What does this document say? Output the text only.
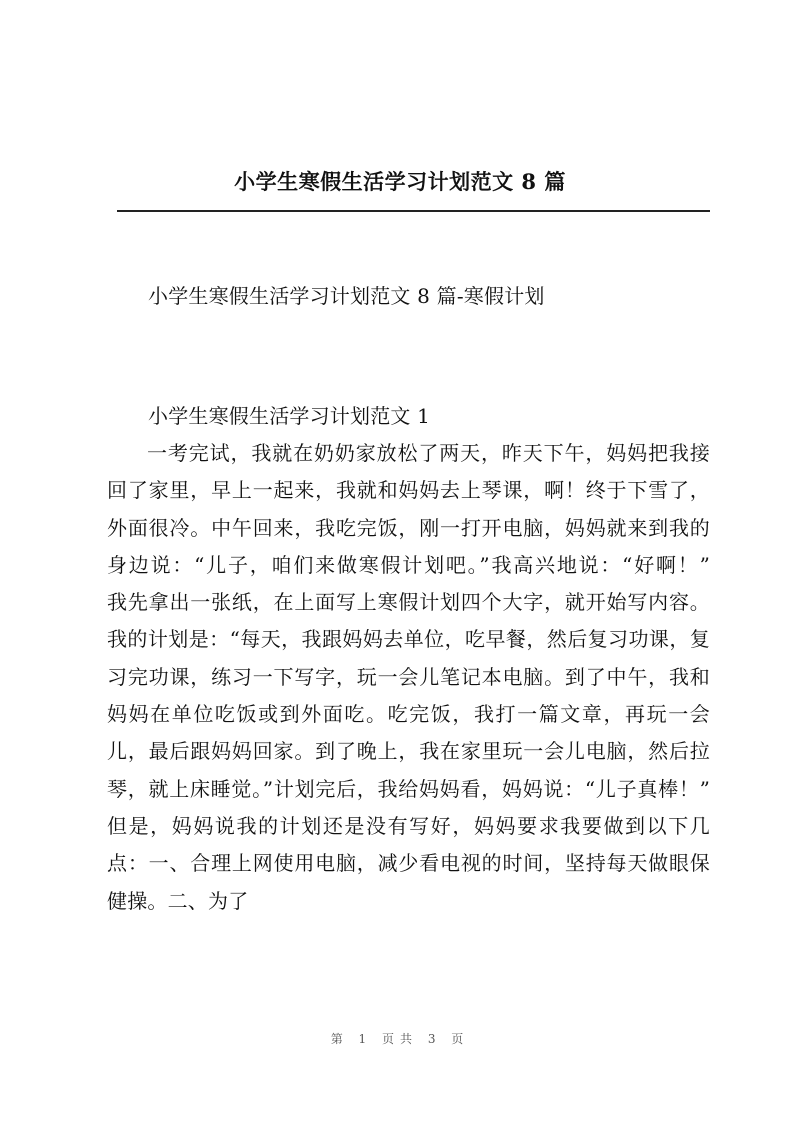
小学生寒假生活学习计划范文 8 篇

小学生寒假生活学习计划范文 8 篇-寒假计划

小学生寒假生活学习计划范文 1

一考完试，我就在奶奶家放松了两天，昨天下午，妈妈把我接回了家里，早上一起来，我就和妈妈去上琴课，啊！终于下雪了，外面很冷。中午回来，我吃完饭，刚一打开电脑，妈妈就来到我的身边说：“儿子，咱们来做寒假计划吧。”我高兴地说：“好啊！”　　我先拿出一张纸，在上面写上寒假计划四个大字，就开始写内容。我的计划是：“每天，我跟妈妈去单位，吃早餐，然后复习功课，复习完功课，练习一下写字，玩一会儿笔记本电脑。到了中午，我和妈妈在单位吃饭或到外面吃。吃完饭，我打一篇文章，再玩一会儿，最后跟妈妈回家。到了晚上，我在家里玩一会儿电脑，然后拉琴，就上床睡觉。”计划完后，我给妈妈看，妈妈说：“儿子真棒！”　　但是，妈妈说我的计划还是没有写好，妈妈要求我要做到以下几点：一、合理上网使用电脑，减少看电视的时间，坚持每天做眼保健操。二、为了

第 1 页共 3 页
